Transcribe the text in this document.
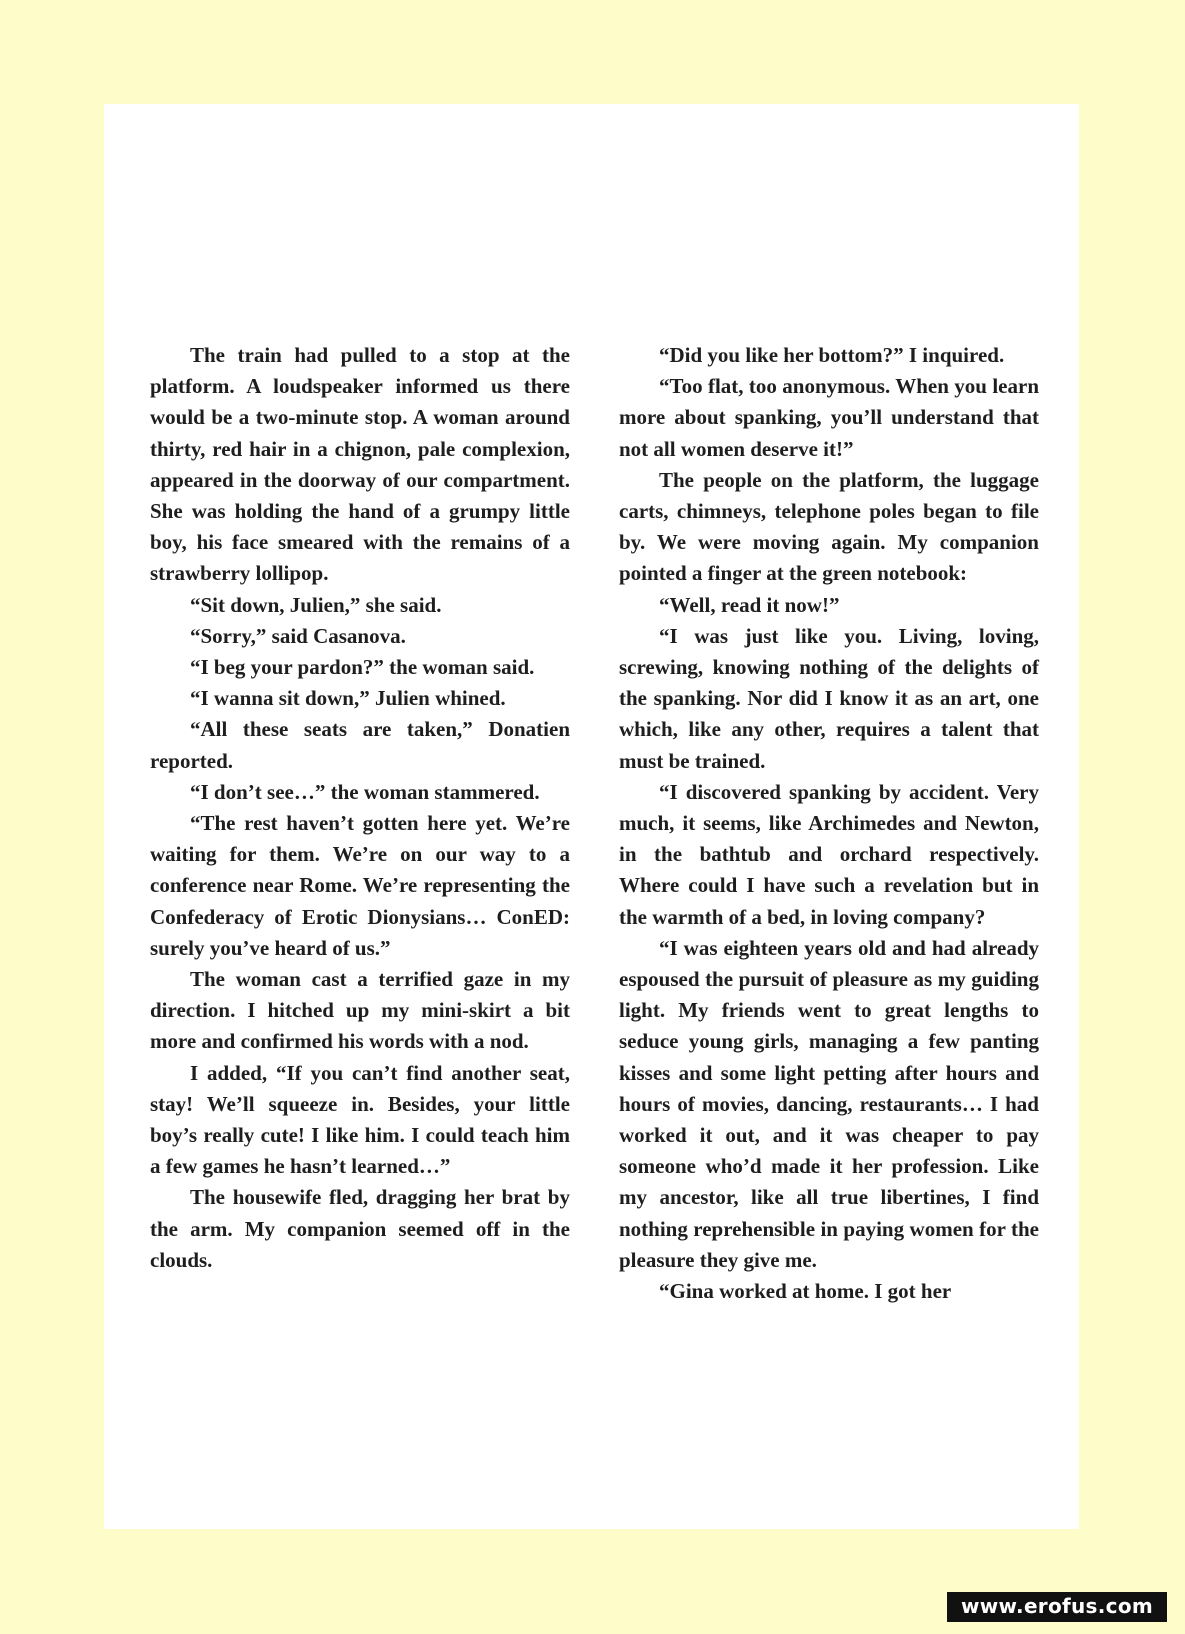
The train had pulled to a stop at the platform. A loudspeaker informed us there would be a two-minute stop. A woman around thirty, red hair in a chignon, pale complexion, appeared in the doorway of our compartment. She was holding the hand of a grumpy little boy, his face smeared with the remains of a strawberry lollipop.

“Sit down, Julien,” she said.

“Sorry,” said Casanova.

“I beg your pardon?” the woman said.

“I wanna sit down,” Julien whined.

“All these seats are taken,” Donatien reported.

“I don’t see…” the woman stammered.

“The rest haven’t gotten here yet. We’re waiting for them. We’re on our way to a conference near Rome. We’re representing the Confederacy of Erotic Dionysians… ConED: surely you’ve heard of us.”

The woman cast a terrified gaze in my direction. I hitched up my mini-skirt a bit more and confirmed his words with a nod.

I added, “If you can’t find another seat, stay! We’ll squeeze in. Besides, your little boy’s really cute! I like him. I could teach him a few games he hasn’t learned…”

The housewife fled, dragging her brat by the arm. My companion seemed off in the clouds.

“Did you like her bottom?” I inquired.

“Too flat, too anonymous. When you learn more about spanking, you’ll understand that not all women deserve it!”

The people on the platform, the luggage carts, chimneys, telephone poles began to file by. We were moving again. My companion pointed a finger at the green notebook:

“Well, read it now!”

“I was just like you. Living, loving, screwing, knowing nothing of the delights of the spanking. Nor did I know it as an art, one which, like any other, requires a talent that must be trained.

“I discovered spanking by accident. Very much, it seems, like Archimedes and Newton, in the bathtub and orchard respectively. Where could I have such a revelation but in the warmth of a bed, in loving company?

“I was eighteen years old and had already espoused the pursuit of pleasure as my guiding light. My friends went to great lengths to seduce young girls, managing a few panting kisses and some light petting after hours and hours of movies, dancing, restaurants… I had worked it out, and it was cheaper to pay someone who’d made it her profession. Like my ancestor, like all true libertines, I find nothing reprehensible in paying women for the pleasure they give me.

“Gina worked at home. I got her

www.erofus.com
